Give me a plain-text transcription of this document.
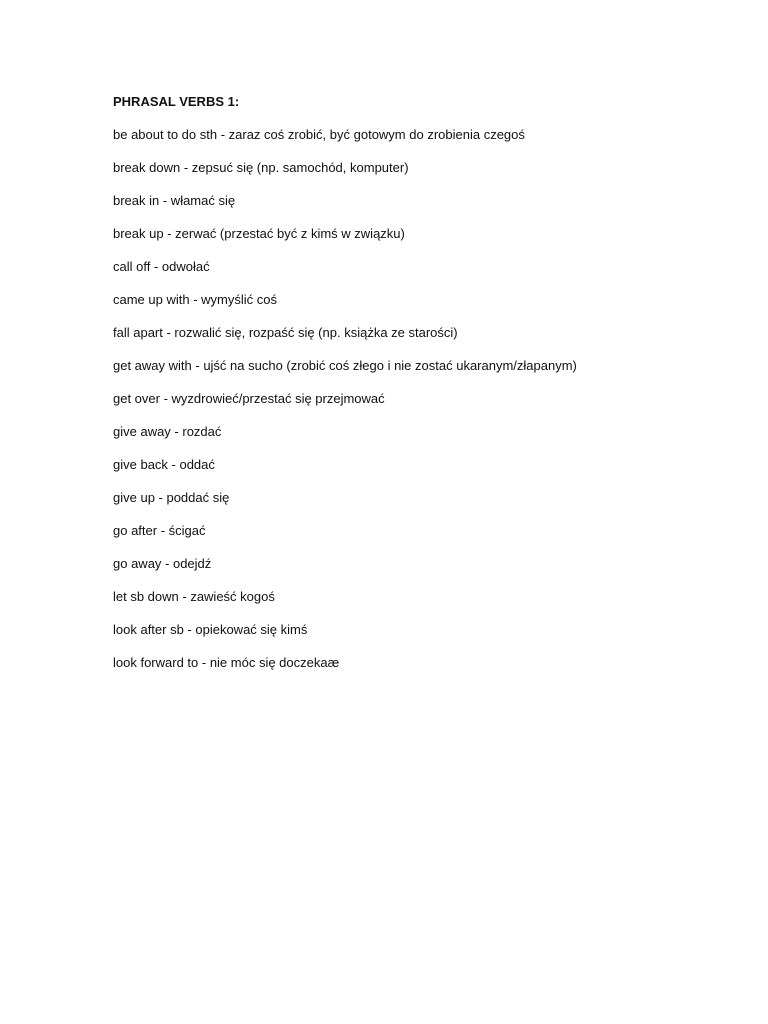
PHRASAL VERBS 1:
be about to do sth - zaraz coś zrobić, być gotowym do zrobienia czegoś
break down - zepsuć się (np. samochód, komputer)
break in - włamać się
break up - zerwać (przestać być z kimś w związku)
call off - odwołać
came up with - wymyślić coś
fall apart - rozwalić się, rozpaść się (np. książka ze starości)
get away with - ujść na sucho (zrobić coś złego i nie zostać ukaranym/złapanym)
get over - wyzdrowieć/przestać się przejmować
give away - rozdać
give back - oddać
give up - poddać się
go after - ścigać
go away - odejdź
let sb down - zawieść kogoś
look after sb - opiekować się kimś
look forward to - nie móc się doczekaæ
